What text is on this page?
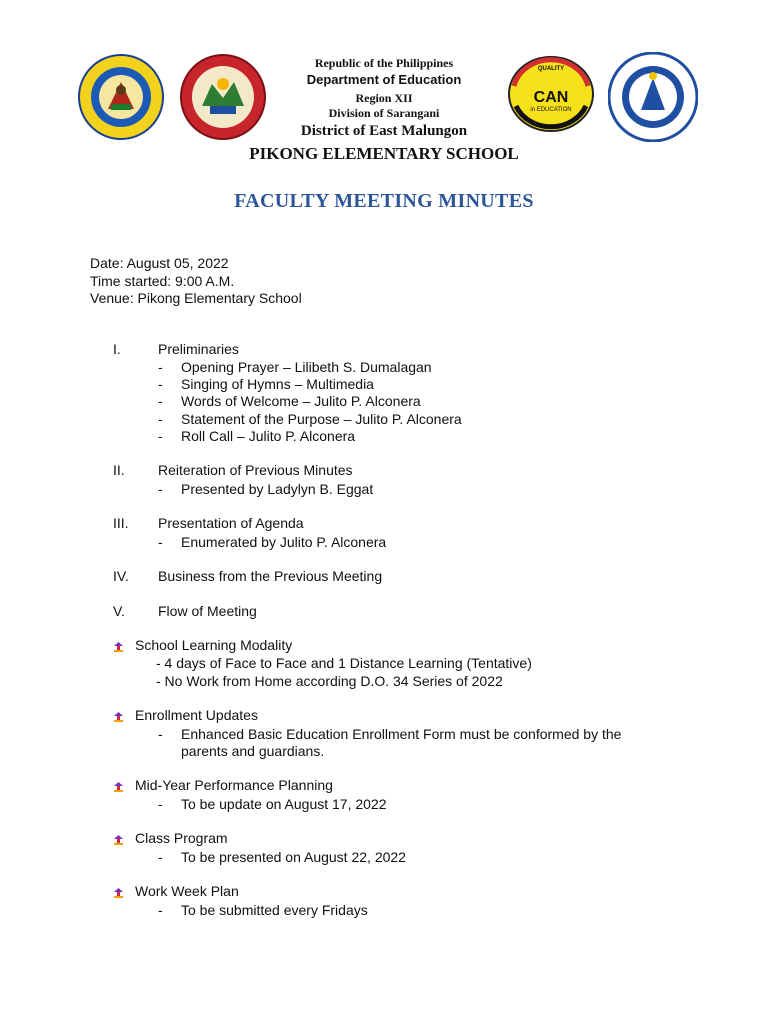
CAN
in EDUCATION
QUALITY
Republic of the Philippines
Department of Education
Region XII
Division of Sarangani
District of East Malungon
PIKONG ELEMENTARY SCHOOL
FACULTY MEETING MINUTES
Date: August 05, 2022
Time started: 9:00 A.M.
Venue: Pikong Elementary School
I.	Preliminaries
- Opening Prayer – Lilibeth S. Dumalagan
- Singing of Hymns – Multimedia
- Words of Welcome – Julito P. Alconera
- Statement of the Purpose – Julito P. Alconera
- Roll Call – Julito P. Alconera
II. Reiteration of Previous Minutes
- Presented by Ladylyn B. Eggat
III. Presentation of Agenda
- Enumerated by Julito P. Alconera
IV. Business from the Previous Meeting
V. Flow of Meeting
School Learning Modality
- 4 days of Face to Face and 1 Distance Learning (Tentative)
- No Work from Home according D.O. 34 Series of 2022
Enrollment Updates
- Enhanced Basic Education Enrollment Form must be conformed by the
parents and guardians.
Mid-Year Performance Planning
- To be update on August 17, 2022
Class Program
- To be presented on August 22, 2022
Work Week Plan
- To be submitted every Fridays
